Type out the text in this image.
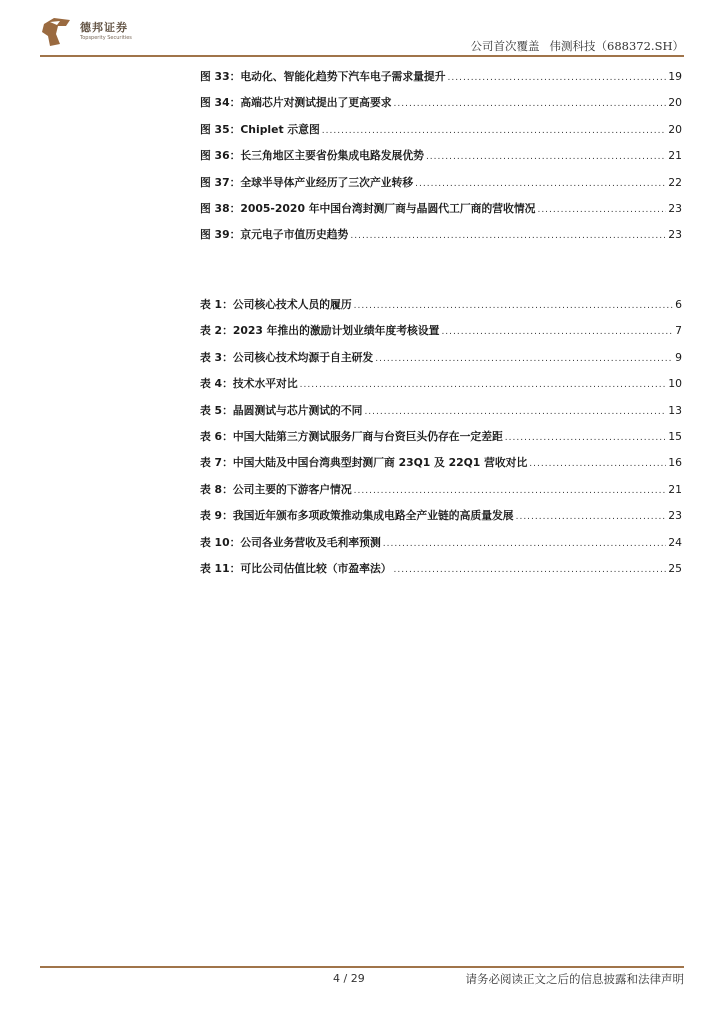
德邦证券
Topsperity Securities
公司首次覆盖 伟测科技（688372.SH）
图 33：电动化、智能化趋势下汽车电子需求量提升 .....	19
图 34：高端芯片对测试提出了更高要求 .....	20
图 35：Chiplet 示意图 .....	20
图 36：长三角地区主要省份集成电路发展优势 .....	21
图 37：全球半导体产业经历了三次产业转移 .....	22
图 38：2005-2020 年中国台湾封测厂商与晶圆代工厂商的营收情况 .....	23
图 39：京元电子市值历史趋势 .....	23
表 1：公司核心技术人员的履历 .....	6
表 2：2023 年推出的激励计划业绩年度考核设置 .....	7
表 3：公司核心技术均源于自主研发 .....	9
表 4：技术水平对比 .....	10
表 5：晶圆测试与芯片测试的不同 .....	13
表 6：中国大陆第三方测试服务厂商与台资巨头仍存在一定差距 .....	15
表 7：中国大陆及中国台湾典型封测厂商 23Q1 及 22Q1 营收对比 .....	16
表 8：公司主要的下游客户情况 .....	21
表 9：我国近年颁布多项政策推动集成电路全产业链的高质量发展 .....	23
表 10：公司各业务营收及毛利率预测 .....	24
表 11：可比公司估值比较（市盈率法） .....	25
4 / 29	请务必阅读正文之后的信息披露和法律声明
